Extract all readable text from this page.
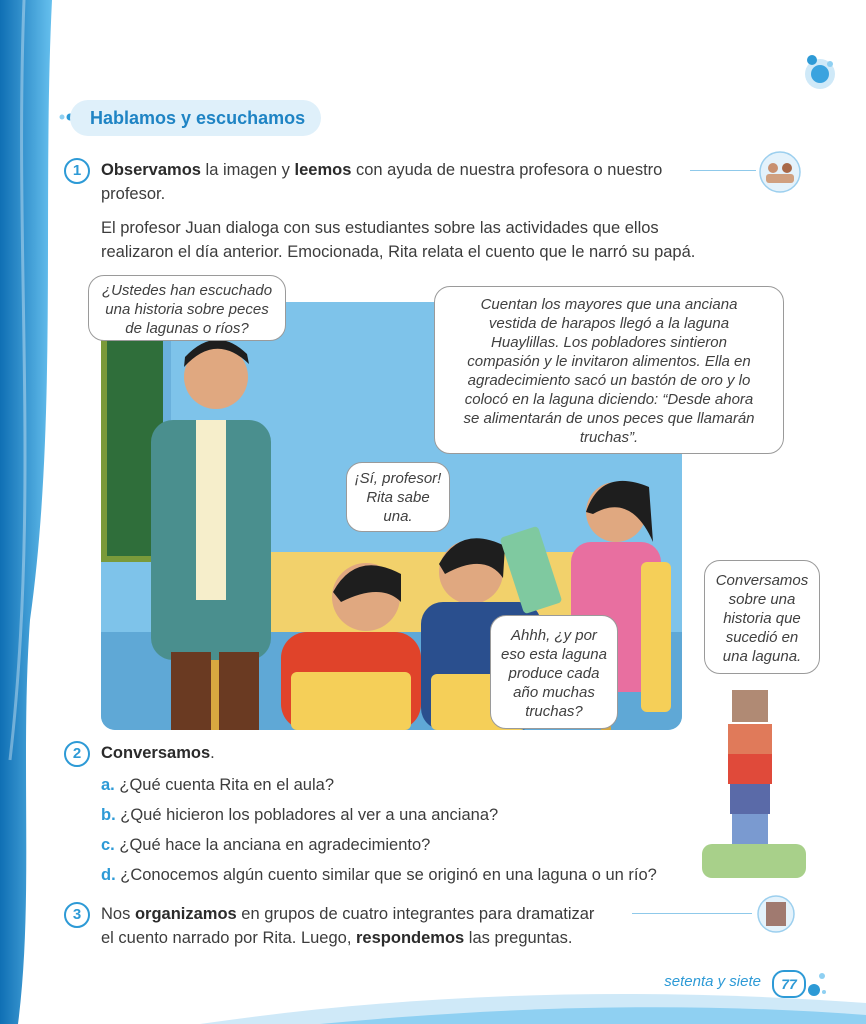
Hablamos y escuchamos
1	Observamos la imagen y leemos con ayuda de nuestra profesora o nuestro profesor.
El profesor Juan dialoga con sus estudiantes sobre las actividades que ellos
realizaron el día anterior. Emocionada, Rita relata el cuento que le narró su papá.
¿Ustedes han escuchado
una historia sobre peces
de lagunas o ríos?
Cuentan los mayores que una anciana
vestida de harapos llegó a la laguna
Huaylillas. Los pobladores sintieron
compasión y le invitaron alimentos. Ella en
agradecimiento sacó un bastón de oro y lo
colocó en la laguna diciendo: “Desde ahora
se alimentarán de unos peces que llamarán
truchas”.
¡Sí, profesor!
Rita sabe
una.
Ahhh, ¿y por
eso esta laguna
produce cada
año muchas
truchas?
Conversamos
sobre una
historia que
sucedió en
una laguna.
2	Conversamos.
a. ¿Qué cuenta Rita en el aula?
b. ¿Qué hicieron los pobladores al ver a una anciana?
c. ¿Qué hace la anciana en agradecimiento?
d. ¿Conocemos algún cuento similar que se originó en una laguna o un río?
3	Nos organizamos en grupos de cuatro integrantes para dramatizar
el cuento narrado por Rita. Luego, respondemos las preguntas.
setenta y siete	77
